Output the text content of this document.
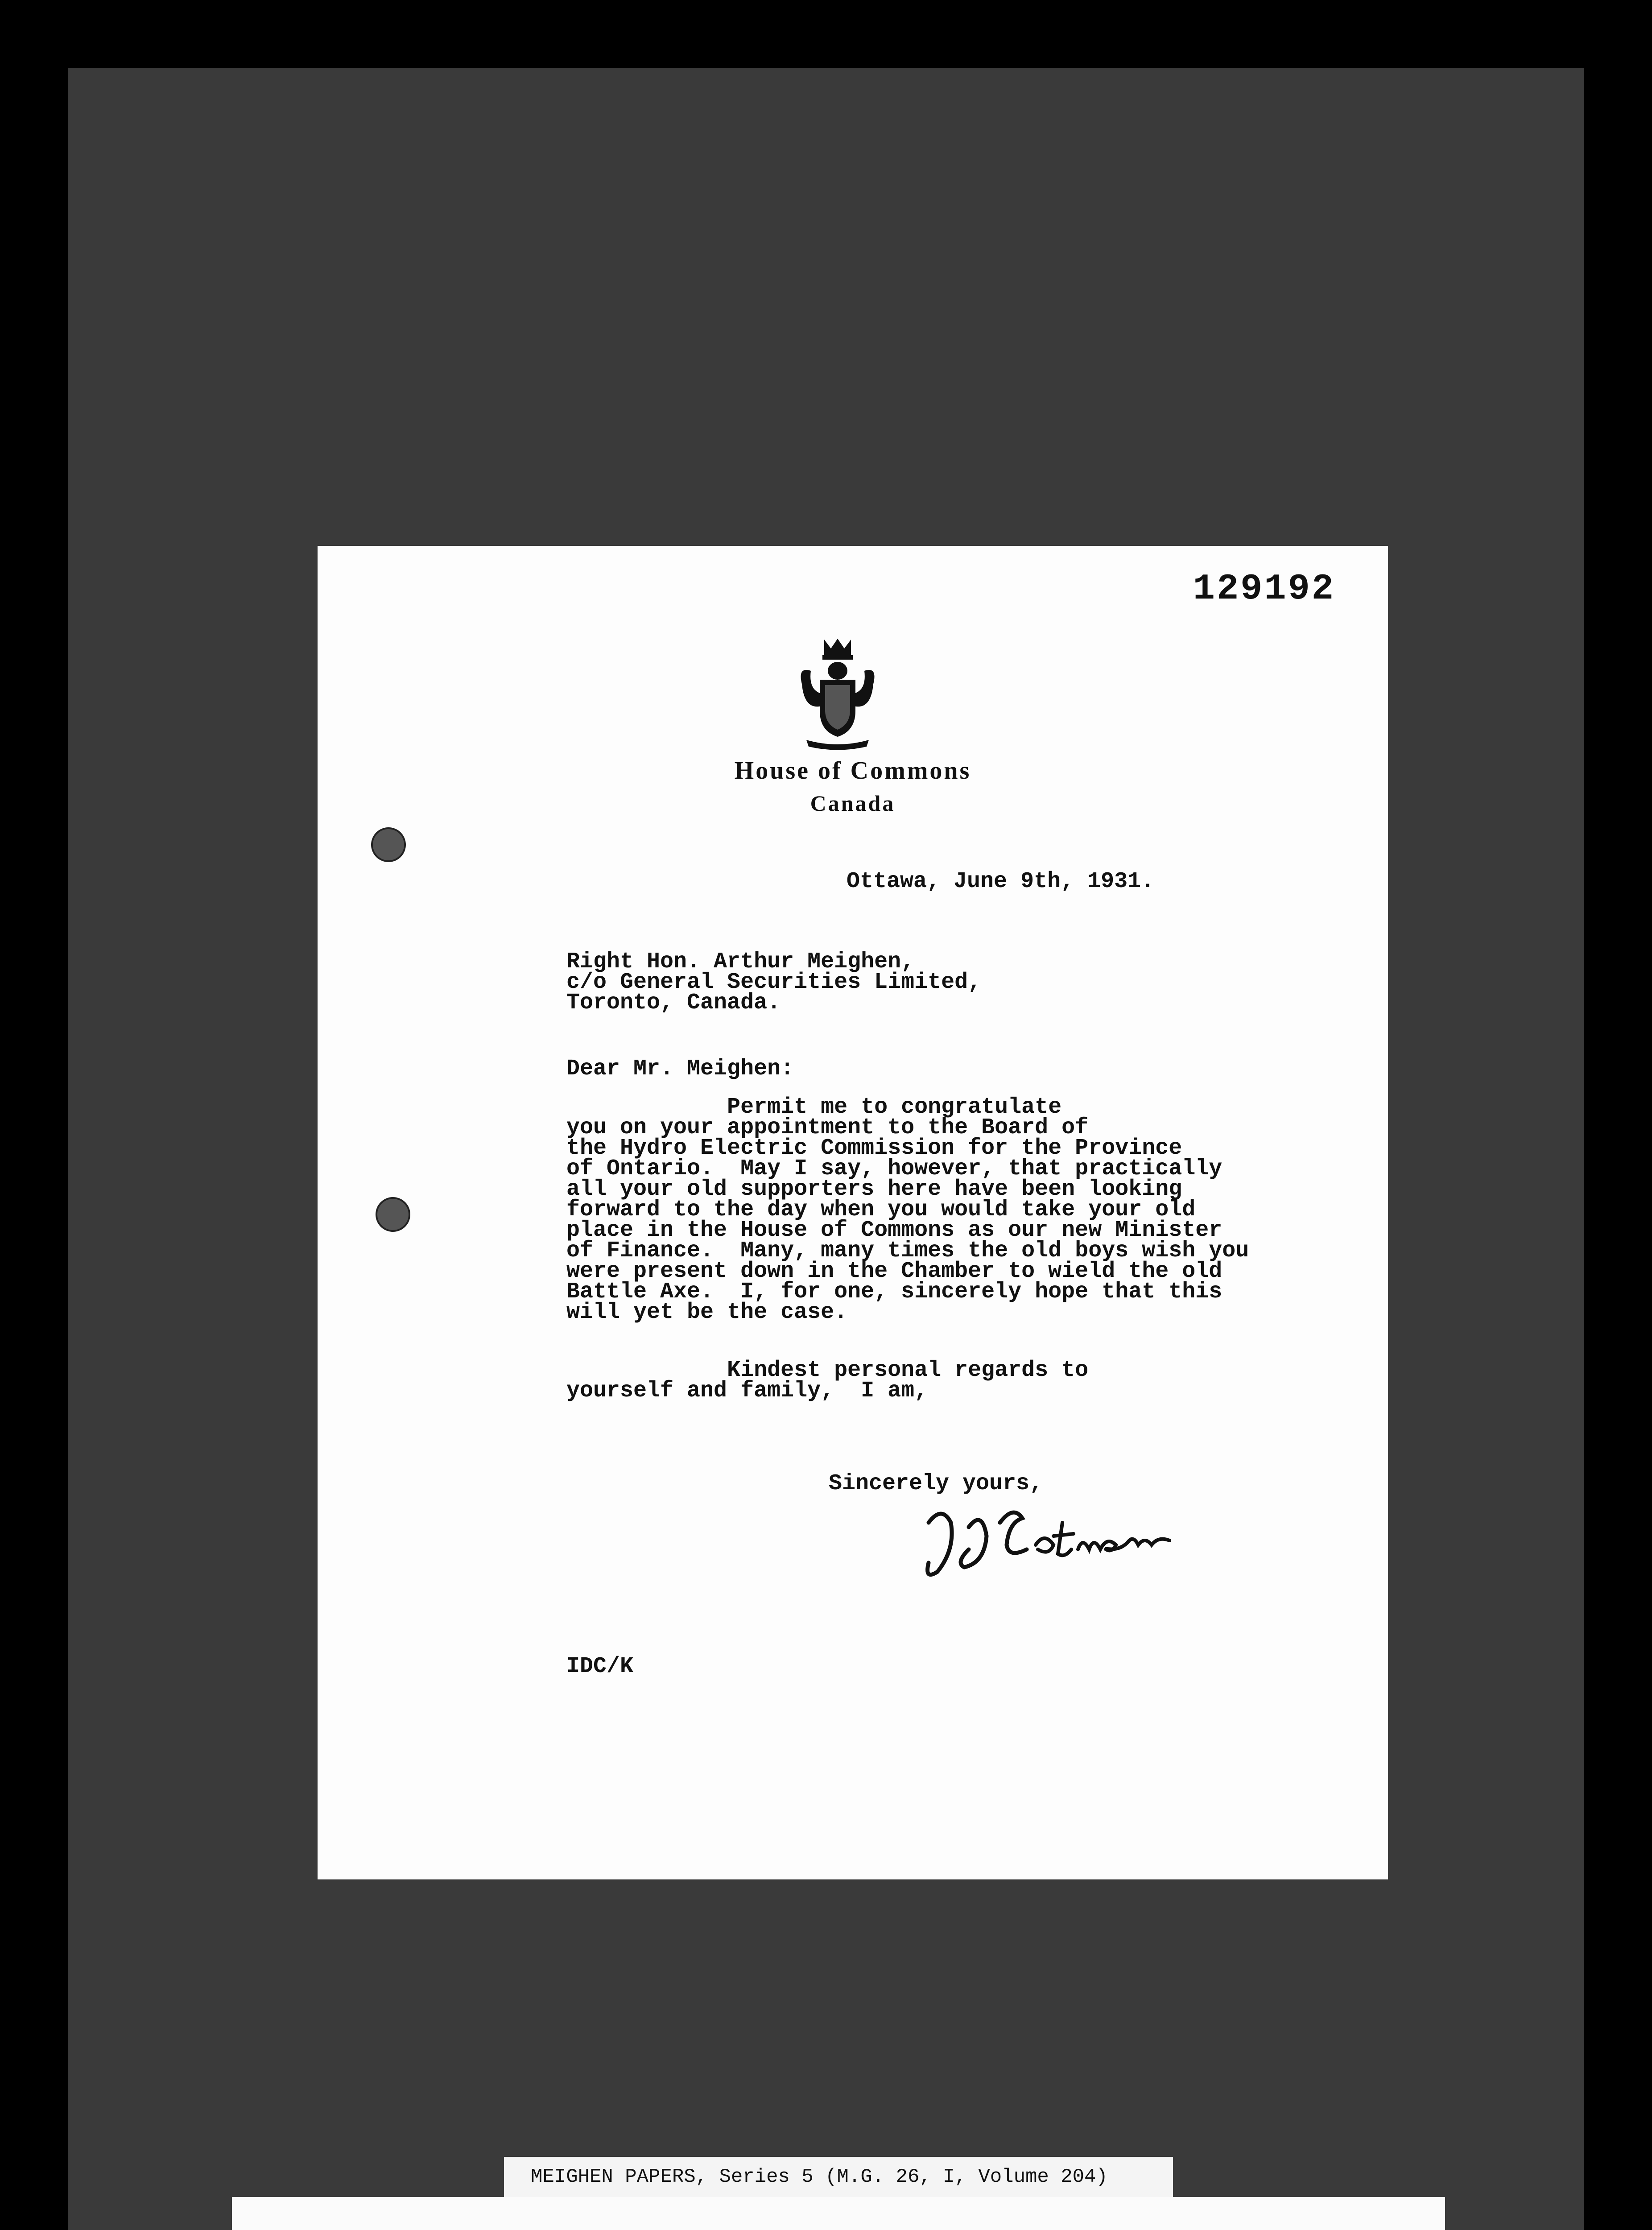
129192
House of Commons
Canada
Ottawa, June 9th, 1931.
Right Hon. Arthur Meighen,
c/o General Securities Limited,
Toronto, Canada.
Dear Mr. Meighen:
Permit me to congratulate
you on your appointment to the Board of
the Hydro Electric Commission for the Province
of Ontario.  May I say, however, that practically
all your old supporters here have been looking
forward to the day when you would take your old
place in the House of Commons as our new Minister
of Finance.  Many, many times the old boys wish you
were present down in the Chamber to wield the old
Battle Axe.  I, for one, sincerely hope that this
will yet be the case.
Kindest personal regards to
yourself and family,  I am,
Sincerely yours,
IDC/K
MEIGHEN PAPERS, Series 5 (M.G. 26, I, Volume 204)
